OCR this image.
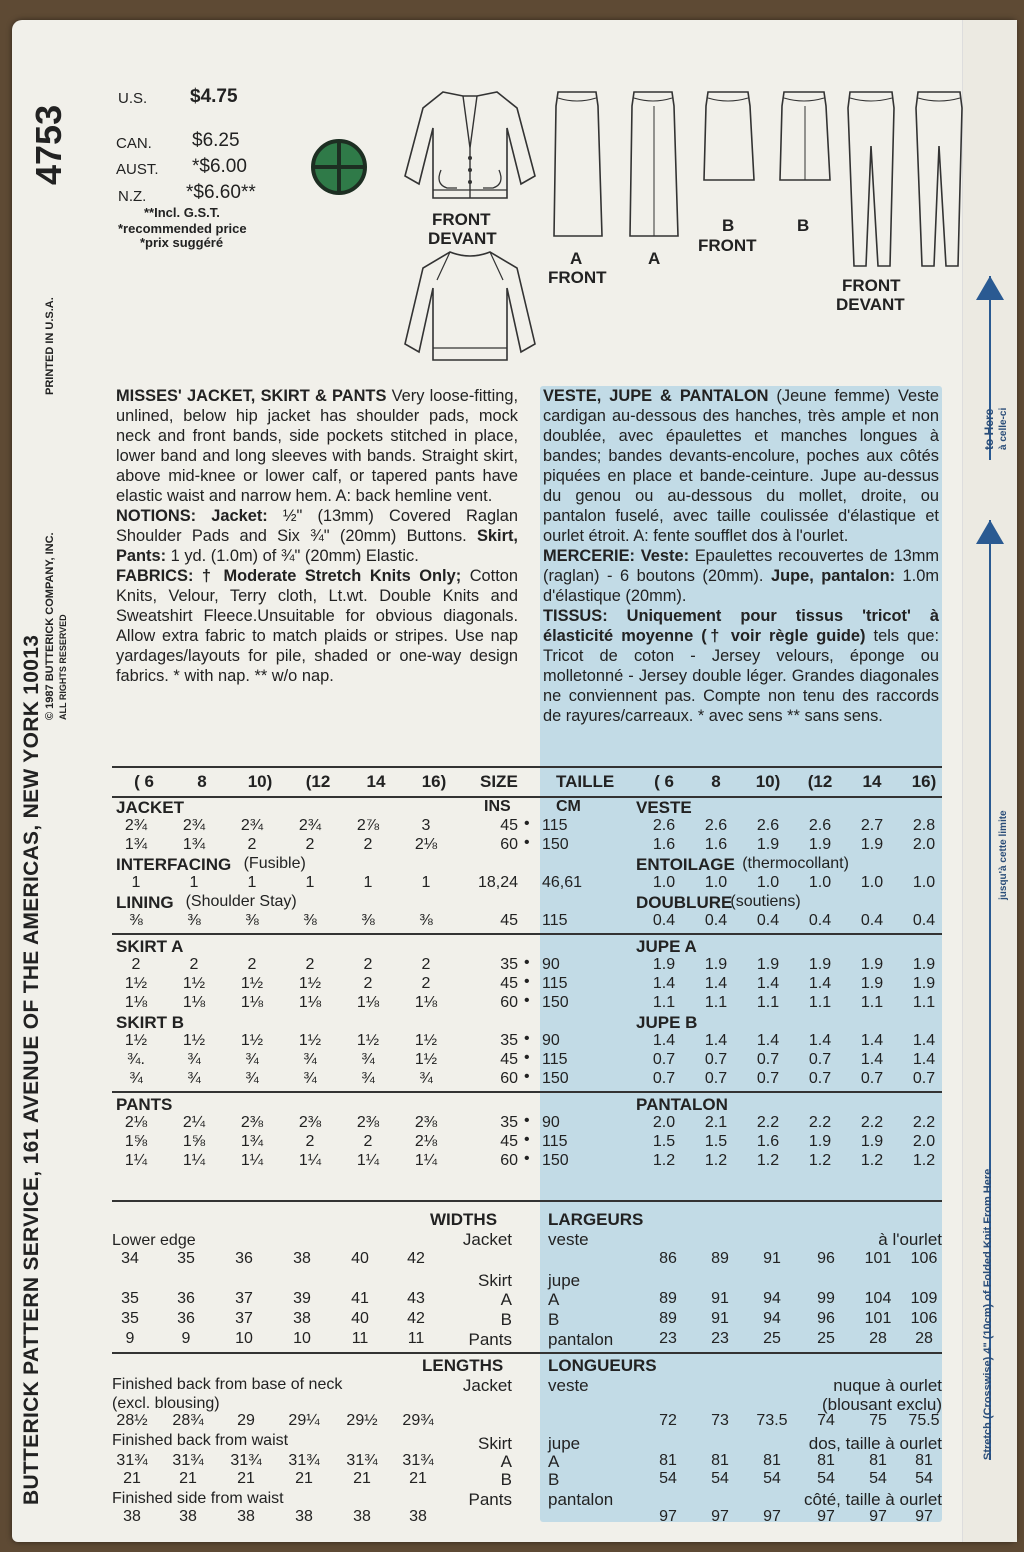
4753
BUTTERICK PATTERN SERVICE, 161 AVENUE OF THE AMERICAS, NEW YORK 10013
© 1987 BUTTERICK COMPANY, INC. ALL RIGHTS RESERVED
PRINTED IN U.S.A.
U.S. $4.75
CAN. $6.25
AUST. *$6.00
N.Z. *$6.60**
**Incl. G.S.T.
*recommended price
*prix suggéré
FRONT
DEVANT
A
FRONT
A
B
FRONT
B
FRONT
DEVANT
MISSES' JACKET, SKIRT & PANTS Very loose-fitting, unlined, below hip jacket has shoulder pads, mock neck and front bands, side pockets stitched in place, lower band and long sleeves with bands. Straight skirt, above mid-knee or lower calf, or tapered pants have elastic waist and narrow hem. A: back hemline vent.
NOTIONS: Jacket: ½" (13mm) Covered Raglan Shoulder Pads and Six ¾" (20mm) Buttons. Skirt, Pants: 1 yd. (1.0m) of ¾" (20mm) Elastic.
FABRICS: † Moderate Stretch Knits Only; Cotton Knits, Velour, Terry cloth, Lt.wt. Double Knits and Sweatshirt Fleece.Unsuitable for obvious diagonals. Allow extra fabric to match plaids or stripes. Use nap yardages/layouts for pile, shaded or one-way design fabrics. * with nap. ** w/o nap.
VESTE, JUPE & PANTALON (Jeune femme) Veste cardigan au-dessous des hanches, très ample et non doublée, avec épaulettes et manches longues à bandes; bandes devants-encolure, poches aux côtés piquées en place et bande-ceinture. Jupe au-dessus du genou ou au-dessous du mollet, droite, ou pantalon fuselé, avec taille coulissée d'élastique et ourlet étroit. A: fente soufflet dos à l'ourlet.
MERCERIE: Veste: Epaulettes recouvertes de 13mm (raglan) - 6 boutons (20mm). Jupe, pantalon: 1.0m d'élastique (20mm).
TISSUS: Uniquement pour tissus 'tricot' à élasticité moyenne († voir règle guide) tels que: Tricot de coton - Jersey velours, éponge ou molletonné - Jersey double léger. Grandes diagonales ne conviennent pas. Compte non tenu des raccords de rayures/carreaux. * avec sens ** sans sens.
( 6	8	10)	(12	14	16)	SIZE TAILLE	( 6	8	10)	(12	14	16)
JACKET	INS	CM	VESTE
2¾	2¾	2¾	2¾	2⅞	3	45 • 115	2.6	2.6	2.6	2.6	2.7	2.8
1¾	1¾	2	2	2	2⅛	60 • 150	1.6	1.6	1.9	1.9	1.9	2.0
INTERFACING (Fusible)	ENTOILAGE (thermocollant)
1	1	1	1	1	1	18,24 46,61	1.0	1.0	1.0	1.0	1.0	1.0
LINING (Shoulder Stay)	DOUBLURE
(soutiens)
⅜	⅜	⅜	⅜	⅜	⅜	45 115	0.4	0.4	0.4	0.4	0.4	0.4
SKIRT A	JUPE A
2	2	2	2	2	2	35 • 90	1.9	1.9	1.9	1.9	1.9	1.9
1½	1½	1½	1½	2	2	45 • 115	1.4	1.4	1.4	1.4	1.9	1.9
1⅛	1⅛	1⅛	1⅛	1⅛	1⅛	60 • 150	1.1	1.1	1.1	1.1	1.1	1.1
SKIRT B	JUPE B
1½	1½	1½	1½	1½	1½	35 • 90	1.4	1.4	1.4	1.4	1.4	1.4
¾.	¾	¾	¾	¾	1½	45 • 115	0.7	0.7	0.7	0.7	1.4	1.4
¾	¾	¾	¾	¾	¾	60 • 150	0.7	0.7	0.7	0.7	0.7	0.7
PANTS	PANTALON
2⅛	2¼	2⅜	2⅜	2⅜	2⅜	35 • 90	2.0	2.1	2.2	2.2	2.2	2.2
1⅝	1⅝	1¾	2	2	2⅛	45 • 115	1.5	1.5	1.6	1.9	1.9	2.0
1¼	1¼	1¼	1¼	1¼	1¼	60 • 150	1.2	1.2	1.2	1.2	1.2	1.2
WIDTHS	LARGEURS
Lower edge	Jacket veste	à l'ourlet
34	35	36	38	40	42	86	89	91	96	101	106
Skirt jupe
35	36	37	39	41	43	A A	89	91	94	99	104	109
35	36	37	38	40	42	B B	89	91	94	96	101	106
9	9	10	10	11	11	Pants pantalon	23	23	25	25	28	28
LENGTHS	LONGUEURS
Finished back from base of neck
(excl. blousing)
Jacket veste	nuque à ourlet
(blousant exclu)
28½ 28¾	29	29¼ 29½ 29¾	72	73	73.5	74	75	75.5
Finished back from waist	Skirt jupe	dos, taille à ourlet
31¾ 31¾ 31¾ 31¾ 31¾ 31¾	A A	81	81	81	81	81	81
21	21	21	21	21	21	B B	54	54	54	54	54	54
Finished side from waist	Pants pantalon	côté, taille à ourlet
38	38	38	38	38	38	97	97	97	97	97	97
to Here à celle-ci
Stretch (Crosswise) 4" (10cm) of Folded Knit From Here
jusqu'à cette limite
